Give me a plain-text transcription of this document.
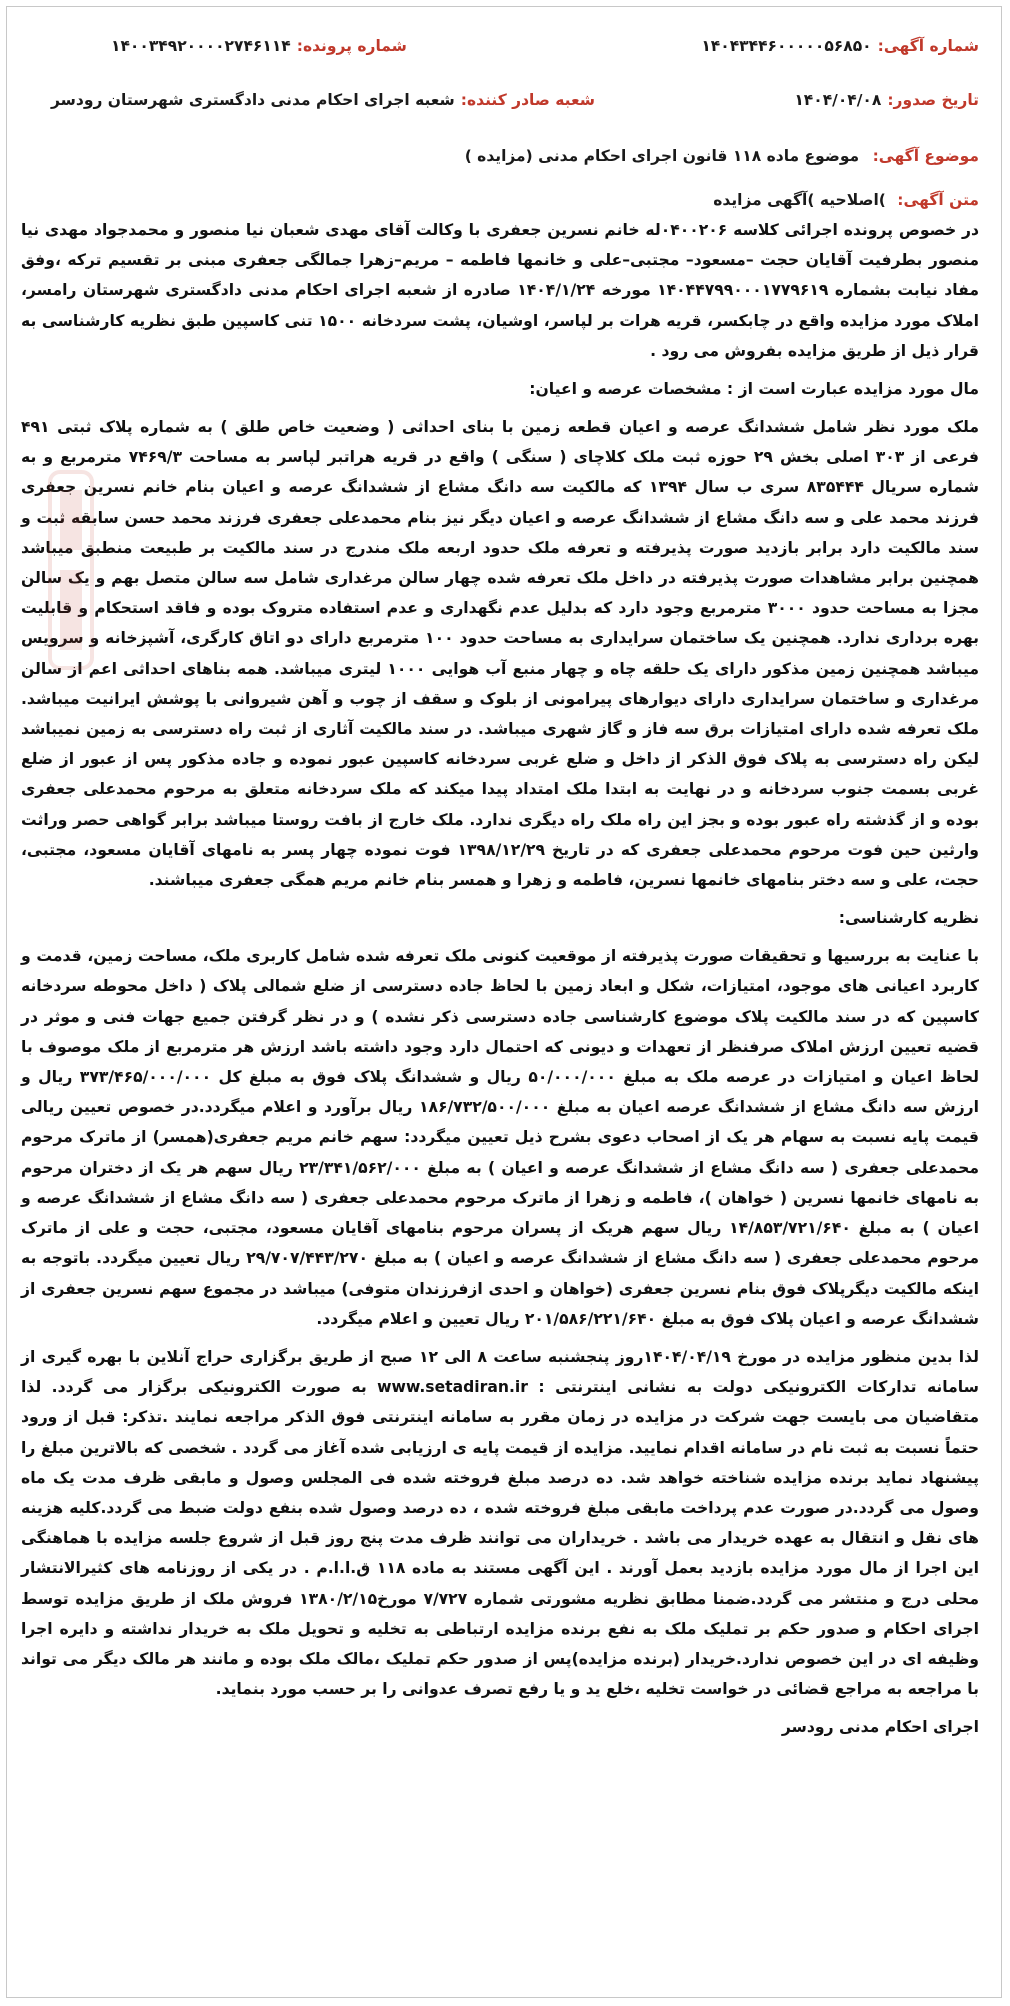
شماره آگهی:
۱۴۰۴۳۴۴۶۰۰۰۰۰۵۶۸۵۰
شماره پرونده:
۱۴۰۰۳۴۹۲۰۰۰۰۲۷۴۶۱۱۴
تاریخ صدور:
۱۴۰۴/۰۴/۰۸
شعبه صادر کننده:
شعبه اجرای احکام مدنی دادگستری شهرستان رودسر
موضوع آگهی: موضوع ماده ۱۱۸ قانون اجرای احکام مدنی (مزایده )
متن آگهی: )اصلاحیه )آگهی مزایده

در خصوص پرونده اجرائی کلاسه ۰۴۰۰۲۰۶له خانم نسرین جعفری با وکالت آقای مهدی شعبان نیا منصور و محمدجواد مهدی نیا منصور بطرفیت آقایان حجت –مسعود– مجتبی–علی و خانمها فاطمه – مریم–زهرا جمالگی جعفری مبنی بر تقسیم ترکه ،وفق مفاد نیابت بشماره ۱۴۰۴۴۷۹۹۰۰۰۱۷۷۹۶۱۹ مورخه ۱۴۰۴/۱/۲۴ صادره از شعبه اجرای احکام مدنی دادگستری شهرستان رامسر، املاک مورد مزایده واقع در چابکسر، قریه هرات بر لپاسر، اوشیان، پشت سردخانه ۱۵۰۰ تنی کاسپین طبق نظریه کارشناسی به قرار ذیل از طریق مزایده بفروش می رود .

مال مورد مزایده عبارت است از : مشخصات عرصه و اعیان:

ملک مورد نظر شامل ششدانگ عرصه و اعیان قطعه زمین با بنای احداثی ( وضعیت خاص طلق ) به شماره پلاک ثبتی ۴۹۱ فرعی از ۳۰۳ اصلی بخش ۲۹ حوزه ثبت ملک کلاچای ( سنگی ) واقع در قریه هراتبر لپاسر به مساحت ۷۴۶۹/۳ مترمربع و به شماره سریال ۸۳۵۴۴۴ سری ب سال ۱۳۹۴ که مالکیت سه دانگ مشاع از ششدانگ عرصه و اعیان بنام خانم نسرین جعفری فرزند محمد علی و سه دانگ مشاع از ششدانگ عرصه و اعیان دیگر نیز بنام محمدعلی جعفری فرزند محمد حسن سابقه ثبت و سند مالکیت دارد برابر بازدید صورت پذیرفته و تعرفه ملک حدود اربعه ملک مندرج در سند مالکیت بر طبیعت منطبق میباشد همچنین برابر مشاهدات صورت پذیرفته در داخل ملک تعرفه شده چهار سالن مرغداری شامل سه سالن متصل بهم و یک سالن مجزا به مساحت حدود ۳۰۰۰ مترمربع وجود دارد که بدلیل عدم نگهداری و عدم استفاده متروک بوده و فاقد استحکام و قابلیت بهره برداری ندارد. همچنین یک ساختمان سرایداری به مساحت حدود ۱۰۰ مترمربع دارای دو اتاق کارگری، آشپزخانه و سرویس میباشد همچنین زمین مذکور دارای یک حلقه چاه و چهار منبع آب هوایی ۱۰۰۰ لیتری میباشد. همه بناهای احداثی اعم از سالن مرغداری و ساختمان سرایداری دارای دیوارهای پیرامونی از بلوک و سقف از چوب و آهن شیروانی با پوشش ایرانیت میباشد. ملک تعرفه شده دارای امتیازات برق سه فاز و گاز شهری میباشد. در سند مالکیت آثاری از ثبت راه دسترسی به زمین نمیباشد لیکن راه دسترسی به پلاک فوق الذکر از داخل و ضلع غربی سردخانه کاسپین عبور نموده و جاده مذکور پس از عبور از ضلع غربی بسمت جنوب سردخانه و در نهایت به ابتدا ملک امتداد پیدا میکند که ملک سردخانه متعلق به مرحوم محمدعلی جعفری بوده و از گذشته راه عبور بوده و بجز این راه ملک راه دیگری ندارد. ملک خارج از بافت روستا میباشد برابر گواهی حصر وراثت وارثین حین فوت مرحوم محمدعلی جعفری که در تاریخ ۱۳۹۸/۱۲/۲۹ فوت نموده چهار پسر به نامهای آقایان مسعود، مجتبی، حجت، علی و سه دختر بنامهای خانمها نسرین، فاطمه و زهرا و همسر بنام خانم مریم همگی جعفری میباشند.

نظریه کارشناسی:

با عنایت به بررسیها و تحقیقات صورت پذیرفته از موقعیت کنونی ملک تعرفه شده شامل کاربری ملک، مساحت زمین، قدمت و کاربرد اعیانی های موجود، امتیازات، شکل و ابعاد زمین با لحاظ جاده دسترسی از ضلع شمالی پلاک ( داخل محوطه سردخانه کاسپین که در سند مالکیت پلاک موضوع کارشناسی جاده دسترسی ذکر نشده ) و در نظر گرفتن جمیع جهات فنی و موثر در قضیه تعیین ارزش املاک صرفنظر از تعهدات و دیونی که احتمال دارد وجود داشته باشد ارزش هر مترمربع از ملک موصوف با لحاظ اعیان و امتیازات در عرصه ملک به مبلغ ۵۰/۰۰۰/۰۰۰ ریال و ششدانگ پلاک فوق به مبلغ کل ۳۷۳/۴۶۵/۰۰۰/۰۰۰ ریال و ارزش سه دانگ مشاع از ششدانگ عرصه اعیان به مبلغ ۱۸۶/۷۳۲/۵۰۰/۰۰۰ ریال برآورد و اعلام میگردد.در خصوص تعیین ریالی قیمت پایه نسبت به سهام هر یک از اصحاب دعوی بشرح ذیل تعیین میگردد: سهم خانم مریم جعفری(همسر) از ماترک مرحوم محمدعلی جعفری ( سه دانگ مشاع از ششدانگ عرصه و اعیان ) به مبلغ ۲۳/۳۴۱/۵۶۲/۰۰۰ ریال سهم هر یک از دختران مرحوم به نامهای خانمها نسرین ( خواهان )، فاطمه و زهرا از ماترک مرحوم محمدعلی جعفری ( سه دانگ مشاع از ششدانگ عرصه و اعیان ) به مبلغ ۱۴/۸۵۳/۷۲۱/۶۴۰ ریال سهم هریک از پسران مرحوم بنامهای آقایان مسعود، مجتبی، حجت و علی از ماترک مرحوم محمدعلی جعفری ( سه دانگ مشاع از ششدانگ عرصه و اعیان ) به مبلغ ۲۹/۷۰۷/۴۴۳/۲۷۰ ریال تعیین میگردد. باتوجه به اینکه مالکیت دیگرپلاک فوق بنام نسرین جعفری (خواهان و احدی ازفرزندان متوفی) میباشد در مجموع سهم نسرین جعفری از ششدانگ عرصه و اعیان پلاک فوق به مبلغ ۲۰۱/۵۸۶/۲۲۱/۶۴۰ ریال تعیین و اعلام میگردد.

لذا بدین منظور مزایده در مورخ ۱۴۰۴/۰۴/۱۹روز پنجشنبه ساعت ۸ الی ۱۲ صبح از طریق برگزاری حراج آنلاین با بهره گیری از سامانه تدارکات الکترونیکی دولت به نشانی اینترنتی : www.setadiran.ir به صورت الکترونیکی برگزار می گردد. لذا متقاضیان می بایست جهت شرکت در مزایده در زمان مقرر به سامانه اینترنتی فوق الذکر مراجعه نمایند .تذکر: قبل از ورود حتماً نسبت به ثبت نام در سامانه اقدام نمایید. مزایده از قیمت پایه ی ارزیابی شده آغاز می گردد . شخصی که بالاترین مبلغ را پیشنهاد نماید برنده مزایده شناخته خواهد شد. ده درصد مبلغ فروخته شده فی المجلس وصول و مابقی ظرف مدت یک ماه وصول می گردد.در صورت عدم پرداخت مابقی مبلغ فروخته شده ، ده درصد وصول شده بنفع دولت ضبط می گردد.کلیه هزینه های نقل و انتقال به عهده خریدار می باشد . خریداران می توانند ظرف مدت پنج روز قبل از شروع جلسه مزایده با هماهنگی این اجرا از مال مورد مزایده بازدید بعمل آورند . این آگهی مستند به ماده ۱۱۸ ق.ا.ا.م . در یکی از روزنامه های کثیرالانتشار محلی درج و منتشر می گردد.ضمنا مطابق نظریه مشورتی شماره ۷/۷۲۷ مورخ۱۳۸۰/۲/۱۵ فروش ملک از طریق مزایده توسط اجرای احکام و صدور حکم بر تملیک ملک به نفع برنده مزایده ارتباطی به تخلیه و تحویل ملک به خریدار نداشته و دایره اجرا وظیفه ای در این خصوص ندارد.خریدار (برنده مزایده)پس از صدور حکم تملیک ،مالک ملک بوده و مانند هر مالک دیگر می تواند با مراجعه به مراجع قضائی در خواست تخلیه ،خلع ید و یا رفع تصرف عدوانی را بر حسب مورد بنماید.

اجرای احکام مدنی رودسر
